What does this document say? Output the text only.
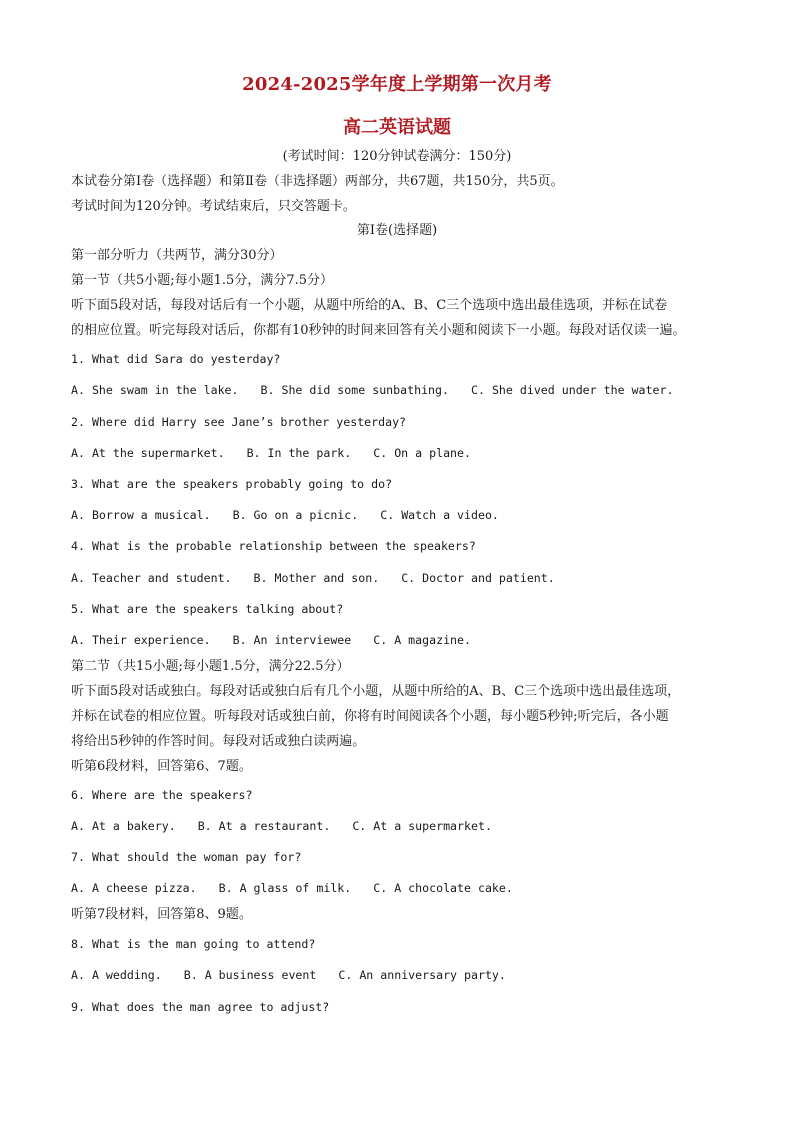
2024-2025学年度上学期第一次月考
高二英语试题
(考试时间：120分钟试卷满分：150分)
本试卷分第Ⅰ卷（选择题）和第Ⅱ卷（非选择题）两部分，共67题，共150分，共5页。
考试时间为120分钟。考试结束后，只交答题卡。
第Ⅰ卷(选择题)
第一部分听力（共两节，满分30分）
第一节（共5小题;每小题1.5分，满分7.5分）
听下面5段对话，每段对话后有一个小题，从题中所给的A、B、C三个选项中选出最佳选项，并标在试卷
的相应位置。听完每段对话后，你都有10秒钟的时间来回答有关小题和阅读下一小题。每段对话仅读一遍。
1. What did Sara do yesterday?
A. She swam in the lake. B. She did some sunbathing. C. She dived under the water.
2. Where did Harry see Jane’s brother yesterday?
A. At the supermarket. B. In the park. C. On a plane.
3. What are the speakers probably going to do?
A. Borrow a musical. B. Go on a picnic. C. Watch a video.
4. What is the probable relationship between the speakers?
A. Teacher and student. B. Mother and son. C. Doctor and patient.
5. What are the speakers talking about?
A. Their experience. B. An interviewee C. A magazine.
第二节（共15小题;每小题1.5分，满分22.5分）
听下面5段对话或独白。每段对话或独白后有几个小题，从题中所给的A、B、C三个选项中选出最佳选项，
并标在试卷的相应位置。听每段对话或独白前，你将有时间阅读各个小题，每小题5秒钟;听完后，各小题
将给出5秒钟的作答时间。每段对话或独白读两遍。
听第6段材料，回答第6、7题。
6. Where are the speakers?
A. At a bakery. B. At a restaurant. C. At a supermarket.
7. What should the woman pay for?
A. A cheese pizza. B. A glass of milk. C. A chocolate cake.
听第7段材料，回答第8、9题。
8. What is the man going to attend?
A. A wedding. B. A business event C. An anniversary party.
9. What does the man agree to adjust?
